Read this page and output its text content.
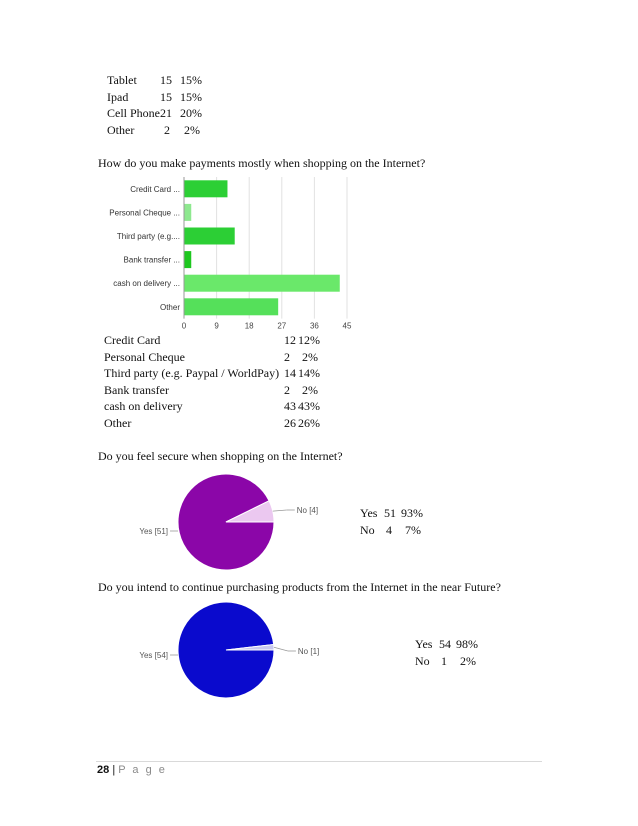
Tablet	15	15%
Ipad	15	15%
Cell Phone	21	20%
Other	2	2%
How do you make payments mostly when shopping on the Internet?
Credit Card ...
Personal Cheque ...
Third party (e.g....
Bank transfer ...
cash on delivery ...
Other
0	9	18	27	36	45
Credit Card	12	12%
Personal Cheque	2	2%
Third party (e.g. Paypal / WorldPay)	14	14%
Bank transfer	2	2%
cash on delivery	43	43%
Other	26	26%
Do you feel secure when shopping on the Internet?
No [4]
Yes [51]
Yes	51	93%
No	4	7%
Do you intend to continue purchasing products from the Internet in the near Future?
No [1]
Yes [54]
Yes	54	98%
No	1	2%
28 | P a g e
